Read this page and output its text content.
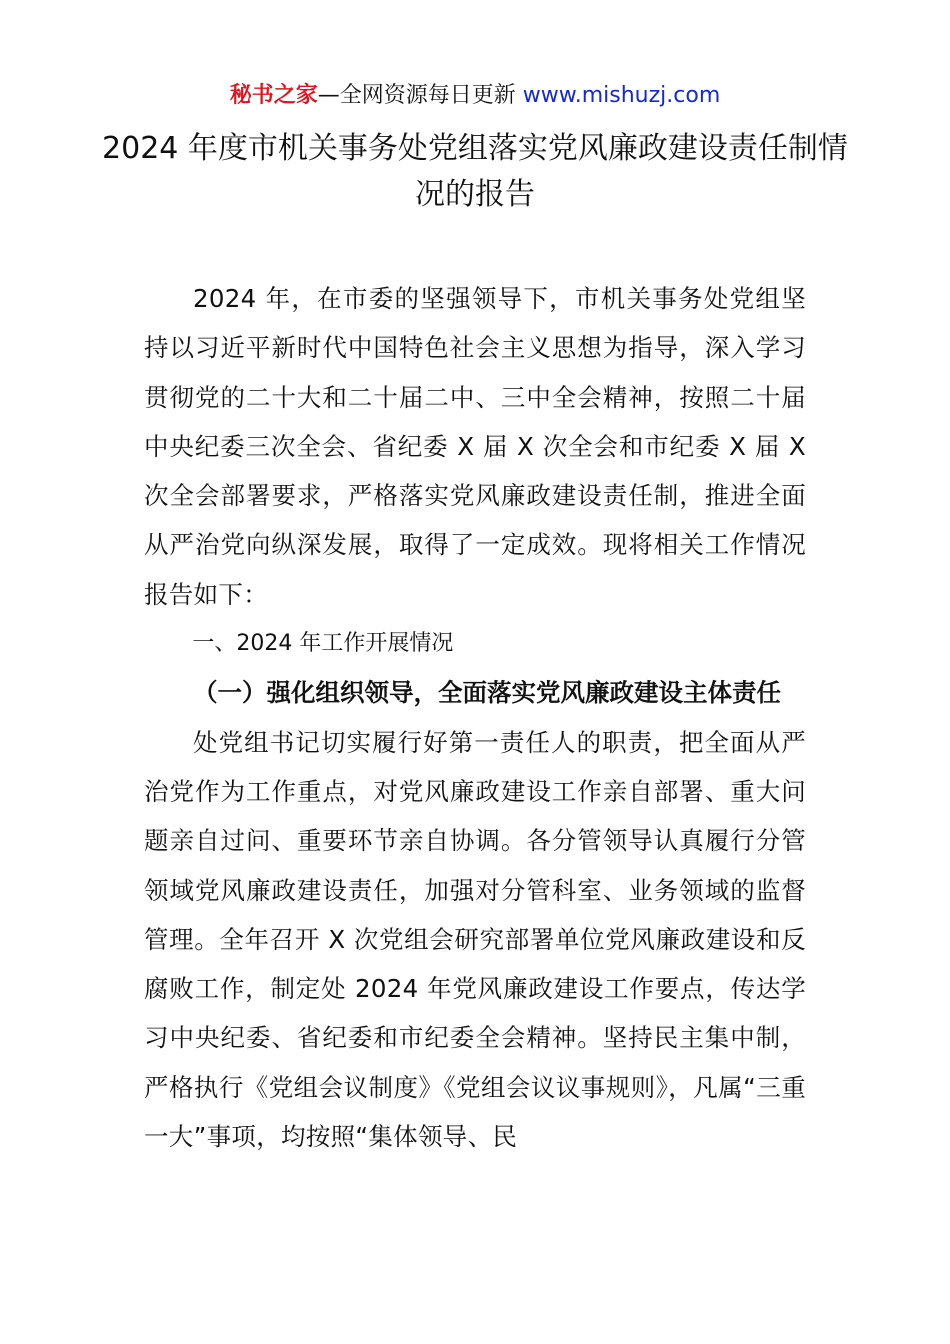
秘书之家—全网资源每日更新 www.mishuzj.com
2024 年度市机关事务处党组落实党风廉政建设责任制情况的报告

2024 年，在市委的坚强领导下，市机关事务处党组坚持以习近平新时代中国特色社会主义思想为指导，深入学习贯彻党的二十大和二十届二中、三中全会精神，按照二十届中央纪委三次全会、省纪委 X 届 X 次全会和市纪委 X 届 X 次全会部署要求，严格落实党风廉政建设责任制，推进全面从严治党向纵深发展，取得了一定成效。现将相关工作情况报告如下：

一、2024 年工作开展情况

（一）强化组织领导，全面落实党风廉政建设主体责任

处党组书记切实履行好第一责任人的职责，把全面从严治党作为工作重点，对党风廉政建设工作亲自部署、重大问题亲自过问、重要环节亲自协调。各分管领导认真履行分管领域党风廉政建设责任，加强对分管科室、业务领域的监督管理。全年召开 X 次党组会研究部署单位党风廉政建设和反腐败工作，制定处 2024 年党风廉政建设工作要点，传达学习中央纪委、省纪委和市纪委全会精神。坚持民主集中制，严格执行《党组会议制度》《党组会议议事规则》，凡属“三重一大”事项，均按照“集体领导、民
